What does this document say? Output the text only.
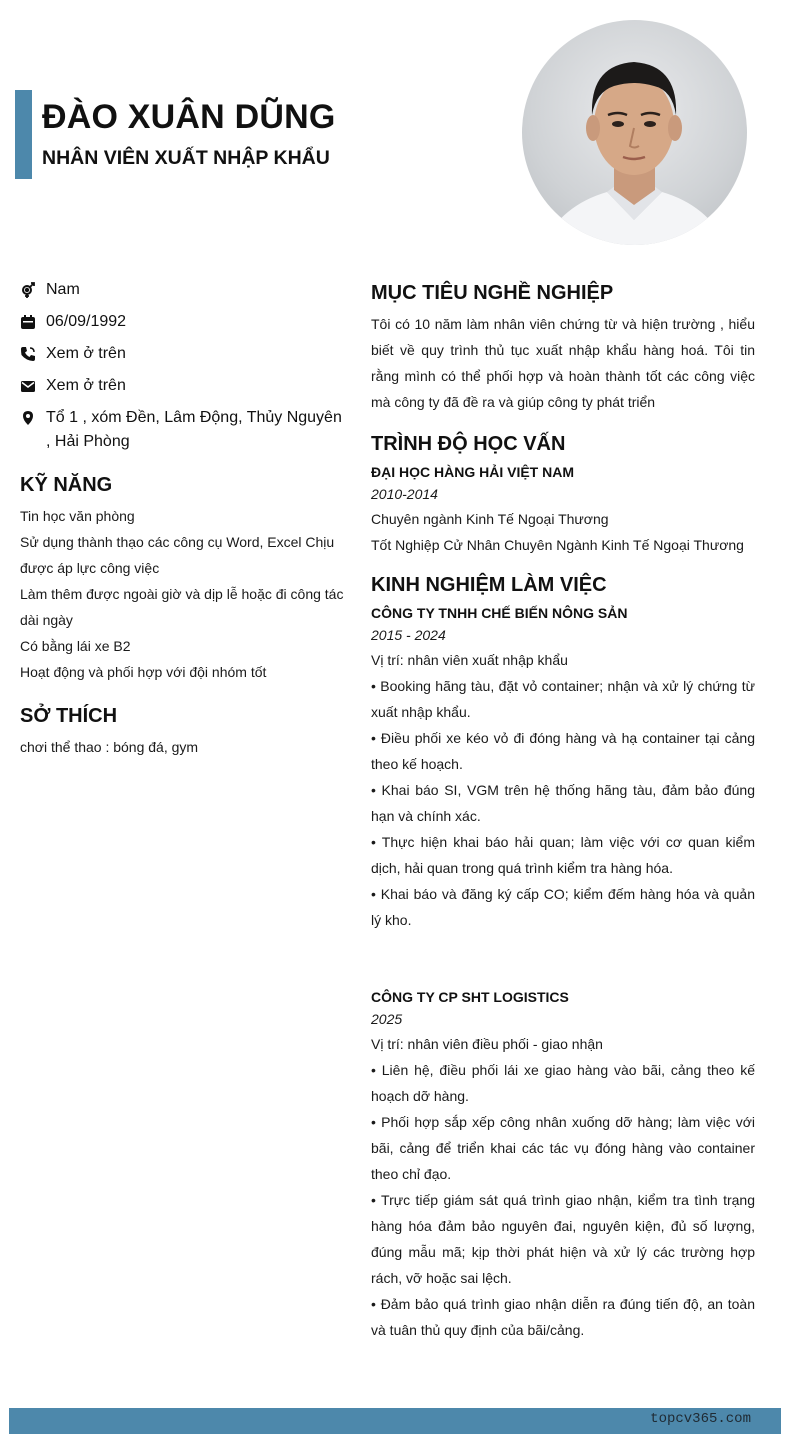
ĐÀO XUÂN DŨNG
NHÂN VIÊN XUẤT NHẬP KHẨU
Nam
06/09/1992
Xem ở trên
Xem ở trên
Tổ 1 , xóm Đền, Lâm Động, Thủy Nguyên , Hải Phòng
KỸ NĂNG
Tin học văn phòng
Sử dụng thành thạo các công cụ Word, Excel Chịu được áp lực công việc
Làm thêm được ngoài giờ và dịp lễ hoặc đi công tác dài ngày
Có bằng lái xe B2
Hoạt động và phối hợp với đội nhóm tốt
SỞ THÍCH
chơi thể thao : bóng đá, gym
MỤC TIÊU NGHỀ NGHIỆP
Tôi có 10 năm làm nhân viên chứng từ và hiện trường , hiểu biết về quy trình thủ tục xuất nhập khẩu hàng hoá. Tôi tin rằng mình có thể phối hợp và hoàn thành tốt các công việc mà công ty đã đề ra và giúp công ty phát triển
TRÌNH ĐỘ HỌC VẤN
ĐẠI HỌC HÀNG HẢI VIỆT NAM
2010-2014
Chuyên ngành Kinh Tế Ngoại Thương
Tốt Nghiệp Cử Nhân Chuyên Ngành Kinh Tế Ngoại Thương
KINH NGHIỆM LÀM VIỆC
CÔNG TY TNHH CHẾ BIẾN NÔNG SẢN
2015 - 2024
Vị trí: nhân viên xuất nhập khẩu
• Booking hãng tàu, đặt vỏ container; nhận và xử lý chứng từ xuất nhập khẩu.
• Điều phối xe kéo vỏ đi đóng hàng và hạ container tại cảng theo kế hoạch.
• Khai báo SI, VGM trên hệ thống hãng tàu, đảm bảo đúng hạn và chính xác.
• Thực hiện khai báo hải quan; làm việc với cơ quan kiểm dịch, hải quan trong quá trình kiểm tra hàng hóa.
• Khai báo và đăng ký cấp CO; kiểm đếm hàng hóa và quản lý kho.
CÔNG TY CP SHT LOGISTICS
2025
Vị trí: nhân viên điều phối - giao nhận
• Liên hệ, điều phối lái xe giao hàng vào bãi, cảng theo kế hoạch dỡ hàng.
• Phối hợp sắp xếp công nhân xuống dỡ hàng; làm việc với bãi, cảng để triển khai các tác vụ đóng hàng vào container theo chỉ đạo.
• Trực tiếp giám sát quá trình giao nhận, kiểm tra tình trạng hàng hóa đảm bảo nguyên đai, nguyên kiện, đủ số lượng, đúng mẫu mã; kịp thời phát hiện và xử lý các trường hợp rách, vỡ hoặc sai lệch.
• Đảm bảo quá trình giao nhận diễn ra đúng tiến độ, an toàn và tuân thủ quy định của bãi/cảng.
topcv365.com
